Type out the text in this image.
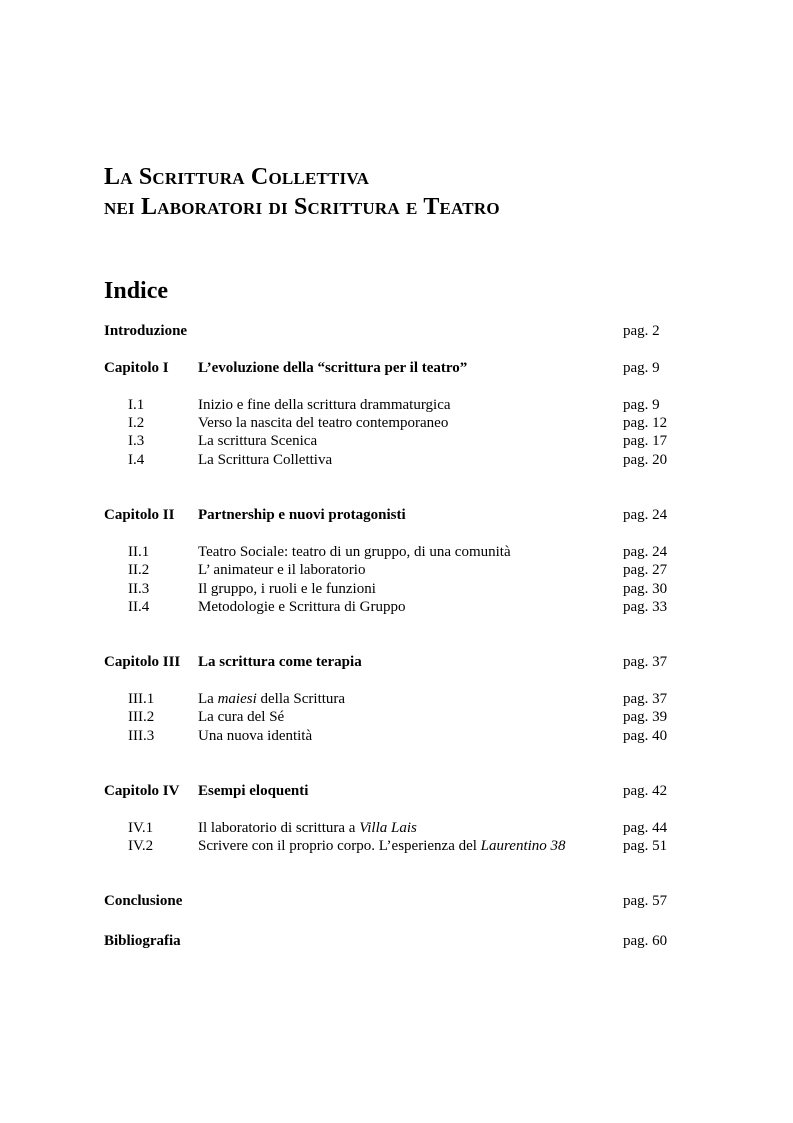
La Scrittura Collettiva
nei Laboratori di Scrittura e Teatro
Indice
Introduzione	pag. 2
Capitolo I L’evoluzione della “scrittura per il teatro”	pag. 9
I.1	Inizio e fine della scrittura drammaturgica	pag. 9
I.2	Verso la nascita del teatro contemporaneo	pag. 12
I.3	La scrittura Scenica	pag. 17
I.4	La Scrittura Collettiva	pag. 20
Capitolo II Partnership e nuovi protagonisti	pag. 24
II.1	Teatro Sociale: teatro di un gruppo, di una comunità	pag. 24
II.2	L’ animateur e il laboratorio	pag. 27
II.3	Il gruppo, i ruoli e le funzioni	pag. 30
II.4	Metodologie e Scrittura di Gruppo	pag. 33
Capitolo III La scrittura come terapia	pag. 37
III.1	La maiesi della Scrittura	pag. 37
III.2	La cura del Sé	pag. 39
III.3	Una nuova identità	pag. 40
Capitolo IV Esempi eloquenti	pag. 42
IV.1	Il laboratorio di scrittura a Villa Lais	pag. 44
IV.2	Scrivere con il proprio corpo. L’esperienza del Laurentino 38	pag. 51
Conclusione	pag. 57
Bibliografia	pag. 60
